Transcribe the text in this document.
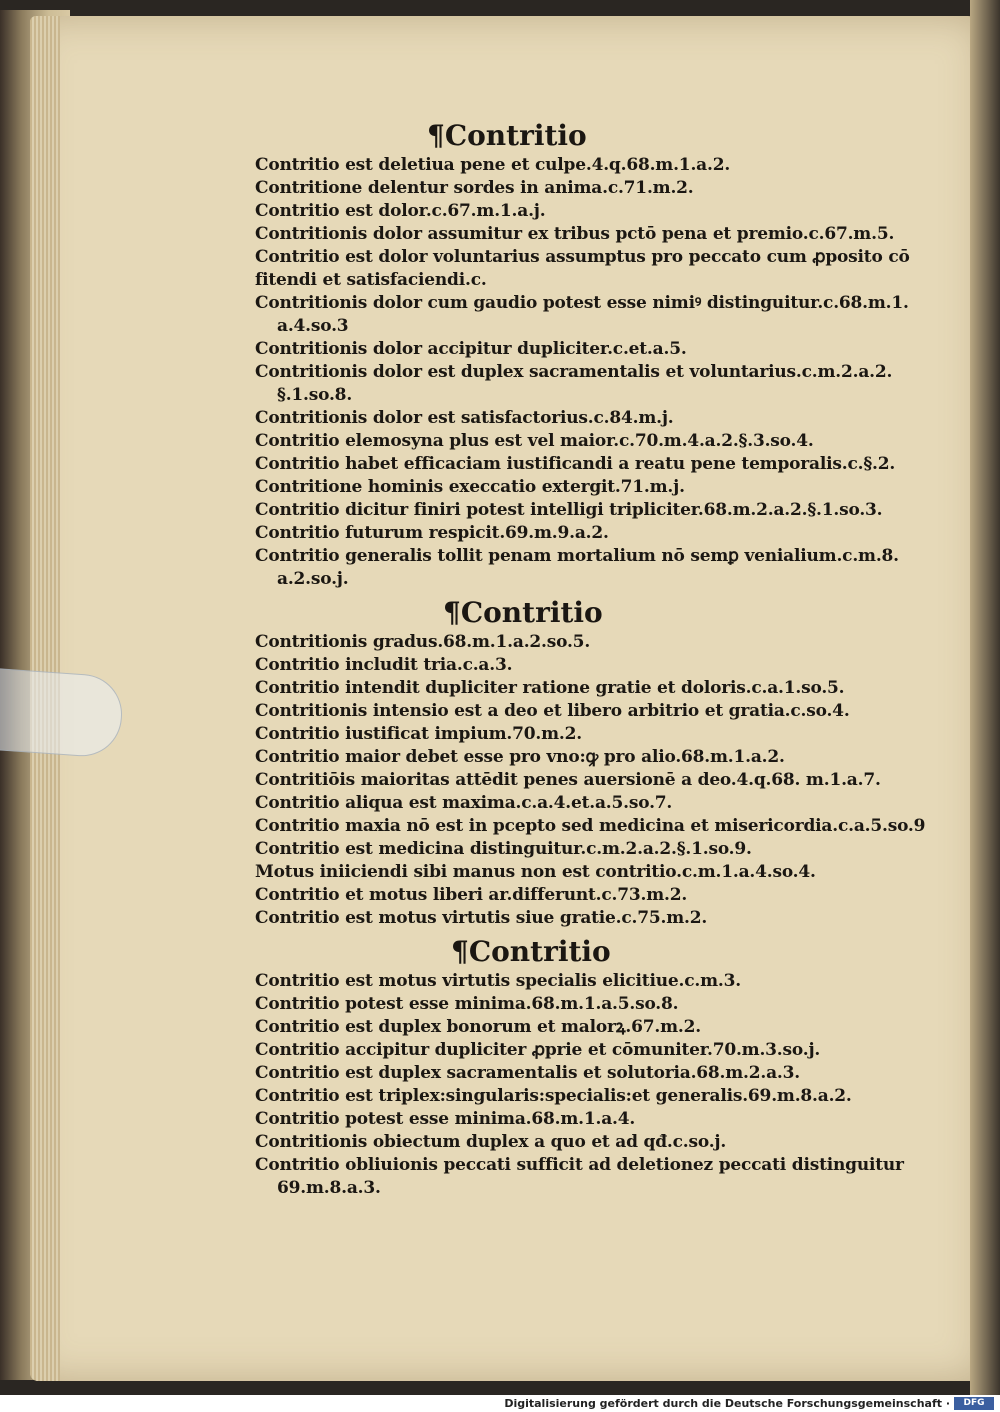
¶Contritio
Contritio est deletiua pene et culpe.4.q.68.m.1.a.2.
Contritione delentur sordes in anima.c.71.m.2.
Contritio est dolor.c.67.m.1.a.j.
Contritionis dolor assumitur ex tribus pctō pena et premio.c.67.m.5.
Contritio est dolor voluntarius assumptus pro peccato cum ꝓposito cō
fitendi et satisfaciendi.c.
Contritionis dolor cum gaudio potest esse nimiꝰ distinguitur.c.68.m.1.
a.4.so.3
Contritionis dolor accipitur dupliciter.c.et.a.5.
Contritionis dolor est duplex sacramentalis et voluntarius.c.m.2.a.2.
§.1.so.8.
Contritionis dolor est satisfactorius.c.84.m.j.
Contritio elemosyna plus est vel maior.c.70.m.4.a.2.§.3.so.4.
Contritio habet efficaciam iustificandi a reatu pene temporalis.c.§.2.
Contritione hominis execcatio extergit.71.m.j.
Contritio dicitur finiri potest intelligi tripliciter.68.m.2.a.2.§.1.so.3.
Contritio futurum respicit.69.m.9.a.2.
Contritio generalis tollit penam mortalium nō semꝑ venialium.c.m.8.
a.2.so.j.
¶Contritio
Contritionis gradus.68.m.1.a.2.so.5.
Contritio includit tria.c.a.3.
Contritio intendit dupliciter ratione gratie et doloris.c.a.1.so.5.
Contritionis intensio est a deo et libero arbitrio et gratia.c.so.4.
Contritio iustificat impium.70.m.2.
Contritio maior debet esse pro vno:ꝙ pro alio.68.m.1.a.2.
Contritiōis maioritas attēdit penes auersionē a deo.4.q.68. m.1.a.7.
Contritio aliqua est maxima.c.a.4.et.a.5.so.7.
Contritio maxia nō est in pcepto sed medicina et misericordia.c.a.5.so.9
Contritio est medicina distinguitur.c.m.2.a.2.§.1.so.9.
Motus iniiciendi sibi manus non est contritio.c.m.1.a.4.so.4.
Contritio et motus liberi ar.differunt.c.73.m.2.
Contritio est motus virtutis siue gratie.c.75.m.2.
¶Contritio
Contritio est motus virtutis specialis elicitiue.c.m.3.
Contritio potest esse minima.68.m.1.a.5.so.8.
Contritio est duplex bonorum et malorꝝ.67.m.2.
Contritio accipitur dupliciter ꝓprie et cōmuniter.70.m.3.so.j.
Contritio est duplex sacramentalis et solutoria.68.m.2.a.3.
Contritio est triplex:singularis:specialis:et generalis.69.m.8.a.2.
Contritio potest esse minima.68.m.1.a.4.
Contritionis obiectum duplex a quo et ad qđ.c.so.j.
Contritio obliuionis peccati sufficit ad deletionez peccati distinguitur
69.m.8.a.3.
Digitalisierung gefördert durch die Deutsche Forschungsgemeinschaft ·	DFG
